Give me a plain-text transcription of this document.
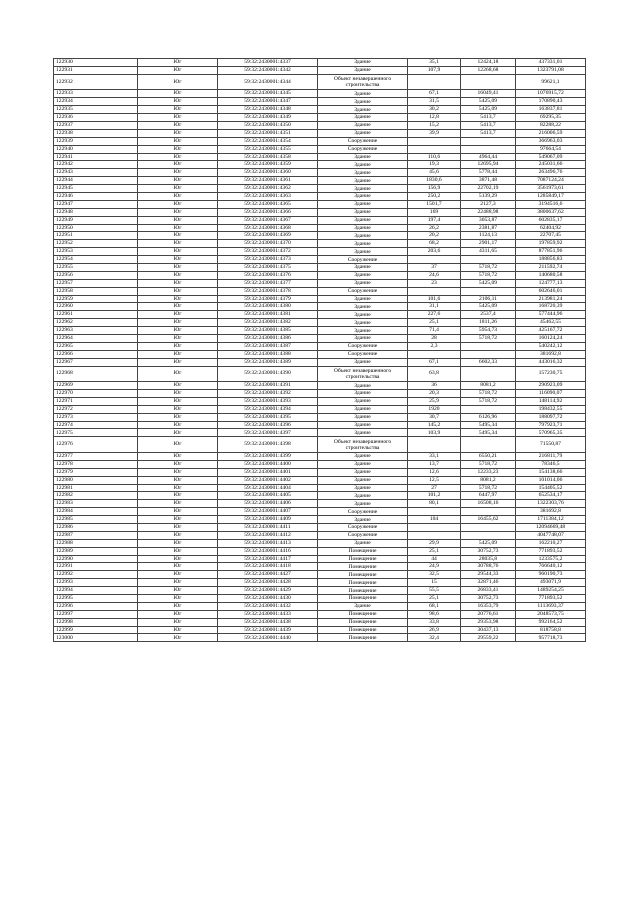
122930	Юг	59:32:2430001:4337	Здание	35,1	12424,18	437331,01
122931	Юг	59:32:2430001:4342	Здание	107,9	12268,68	1323791,08
122932	Юг	59:32:2430001:4344	Объект незавершенного строительства			99621,1
122933	Юг	59:32:2430001:4345	Здание	67,1	16049,41	1076915,72
122934	Юг	59:32:2430001:4347	Здание	31,5	5425,09	170890,43
122935	Юг	59:32:2430001:4348	Здание	30,2	5425,09	163837,81
122936	Юг	59:32:2430001:4349	Здание	12,8	5413,7	69295,35
122937	Юг	59:32:2430001:4350	Здание	15,2	5413,7	82288,22
122938	Юг	59:32:2430001:4351	Здание	39,9	5413,7	216006,59
122939	Юг	59:32:2430001:4354	Сооружение			366963,03
122940	Юг	59:32:2430001:4355	Сооружение			97664,54
122941	Юг	59:32:2430001:4358	Здание	110,6	4964,44	549067,09
122942	Юг	59:32:2430001:4359	Здание	19,3	12695,94	245031,66
122943	Юг	59:32:2430001:4360	Здание	45,6	5778,44	263496,76
122944	Юг	59:32:2430001:4361	Здание	1830,6	3871,48	7087124,24
122945	Юг	59:32:2430001:4362	Здание	156,9	22702,19	3561973,61
122946	Юг	59:32:2430001:4363	Здание	250,2	5139,29	1285849,17
122947	Юг	59:32:2430001:4365	Здание	1501,7	2127,3	3194516,6
122948	Юг	59:32:2430001:4366	Здание	169	22488,98	3800637,62
122949	Юг	59:32:2430001:4367	Здание	197,4	3053,87	602835,17
122950	Юг	59:32:2430001:4368	Здание	26,2	2381,87	62404,92
122951	Юг	59:32:2430001:4369	Здание	20,2	1124,13	22707,45
122952	Юг	59:32:2430001:4370	Здание	68,2	2901,17	197859,92
122953	Юг	59:32:2430001:4372	Здание	203,6	4311,65	877851,96
122954	Юг	59:32:2430001:4373	Сооружение			188856,83
122955	Юг	59:32:2430001:4375	Здание	37	5718,72	211592,74
122956	Юг	59:32:2430001:4376	Здание	24,6	5718,72	140680,58
122957	Юг	59:32:2430001:4377	Здание	23	5425,09	124777,13
122958	Юг	59:32:2430001:4378	Сооружение			602646,01
122959	Юг	59:32:2430001:4379	Здание	101,6	2106,11	213981,24
122960	Юг	59:32:2430001:4380	Здание	31,1	5425,09	168720,39
122961	Юг	59:32:2430001:4381	Здание	227,6	2537,4	577444,96
122962	Юг	59:32:2430001:4382	Здание	25,1	1811,26	45462,55
122963	Юг	59:32:2430001:4385	Здание	71,4	5954,73	425167,72
122964	Юг	59:32:2430001:4386	Здание	28	5718,72	160124,24
122965	Юг	59:32:2430001:4387	Сооружение	2,3		540242,12
122966	Юг	59:32:2430001:4388	Сооружение			381692,8
122967	Юг	59:32:2430001:4389	Здание	67,1	6602,33	443016,32
122968	Юг	59:32:2430001:4390	Объект незавершенного строительства	63,8		157230,75
122969	Юг	59:32:2430001:4391	Здание	36	8081,2	290923,09
122970	Юг	59:32:2430001:4392	Здание	20,3	5718,72	116090,07
122971	Юг	59:32:2430001:4393	Здание	25,9	5718,72	148114,92
122972	Юг	59:32:2430001:4394	Здание	1920		198432,55
122973	Юг	59:32:2430001:4395	Здание	30,7	6126,96	188097,72
122974	Юг	59:32:2430001:4396	Здание	145,2	5495,34	797923,71
122975	Юг	59:32:2430001:4397	Здание	103,9	5495,34	570965,35
122976	Юг	59:32:2430001:4398	Объект незавершенного строительства			71550,87
122977	Юг	59:32:2430001:4399	Здание	33,1	6550,21	216811,79
122978	Юг	59:32:2430001:4400	Здание	13,7	5718,72	78346,5
122979	Юг	59:32:2430001:4401	Здание	12,6	12233,23	154138,66
122980	Юг	59:32:2430001:4402	Здание	12,5	8081,2	101014,06
122981	Юг	59:32:2430001:4404	Здание	27	5718,72	154405,52
122982	Юг	59:32:2430001:4405	Здание	101,2	6447,97	652534,17
122983	Юг	59:32:2430001:4406	Здание	80,1	16508,16	1322303,76
122984	Юг	59:32:2430001:4407	Сооружение			381692,8
122985	Юг	59:32:2430001:4409	Здание	104	16455,62	1711384,12
122986	Юг	59:32:2430001:4411	Сооружение			12094669,48
122987	Юг	59:32:2430001:4412	Сооружение			4047748,07
122988	Юг	59:32:2430001:4413	Здание	29,9	5425,09	162210,27
122989	Юг	59:32:2430001:4416	Помещение	25,1	30752,73	771893,52
122990	Юг	59:32:2430001:4417	Помещение	44	28035,8	1233575,2
122991	Юг	59:32:2430001:4418	Помещение	24,9	30788,76	766640,12
122992	Юг	59:32:2430001:4427	Помещение	32,5	29544,33	960190,73
122993	Юг	59:32:2430001:4428	Помещение	15	32871,46	493071,9
122994	Юг	59:32:2430001:4429	Помещение	55,5	26833,41	1489254,25
122995	Юг	59:32:2430001:4430	Помещение	25,1	30752,73	771893,52
122996	Юг	59:32:2430001:4432	Здание	68,1	16353,79	1113693,37
122997	Юг	59:32:2430001:4433	Помещение	98,6	20776,61	2048573,75
122998	Юг	59:32:2430001:4438	Помещение	33,8	29353,98	992164,52
122999	Юг	59:32:2430001:4439	Помещение	26,9	30437,13	818758,8
123000	Юг	59:32:2430001:4440	Помещение	32,4	29559,22	957718,73
